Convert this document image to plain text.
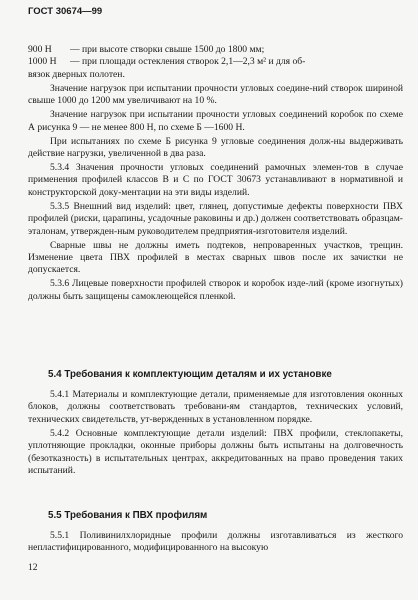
ГОСТ 30674—99
900 Н	— при высоте створки свыше 1500 до 1800 мм;
1000 Н	— при площади остекления створок 2,1—2,3 м² и для об-

вязок дверных полотен.

Значение нагрузок при испытании прочности угловых соедине-ний створок шириной свыше 1000 до 1200 мм увеличивают на 10 %.

Значение нагрузок при испытании прочности угловых соединений коробок по схеме А рисунка 9 — не менее 800 Н, по схеме Б —1600 Н.

При испытаниях по схеме Б рисунка 9 угловые соединения долж-ны выдерживать действие нагрузки, увеличенной в два раза.

5.3.4 Значения прочности угловых соединений рамочных элемен-тов в случае применения профилей классов В и С по ГОСТ 30673 устанавливают в нормативной и конструкторской доку-ментации на эти виды изделий.

5.3.5 Внешний вид изделий: цвет, глянец, допустимые дефекты поверхности ПВХ профилей (риски, царапины, усадочные раковины и др.) должен соответствовать образцам-эталонам, утвержден-ным руководителем предприятия-изготовителя изделий.

Сварные швы не должны иметь подтеков, непроваренных участков, трещин. Изменение цвета ПВХ профилей в местах сварных швов после их зачистки не допускается.

5.3.6 Лицевые поверхности профилей створок и коробок изде-лий (кроме изогнутых) должны быть защищены самоклеющейся пленкой.

5.4 Требования к комплектующим деталям и их установке

5.4.1 Материалы и комплектующие детали, применяемые для изготовления оконных блоков, должны соответствовать требовани-ям стандартов, технических условий, технических свидетельств, ут-вержденных в установленном порядке.

5.4.2 Основные комплектующие детали изделий: ПВХ профили, стеклопакеты, уплотняющие прокладки, оконные приборы должны быть испытаны на долговечность (безотказность) в испытательных центрах, аккредитованных на право проведения таких испытаний.

5.5 Требования к ПВХ профилям

5.5.1 Поливинилхлоридные профили должны изготавливаться из жесткого непластифицированного, модифицированного на высокую

12
